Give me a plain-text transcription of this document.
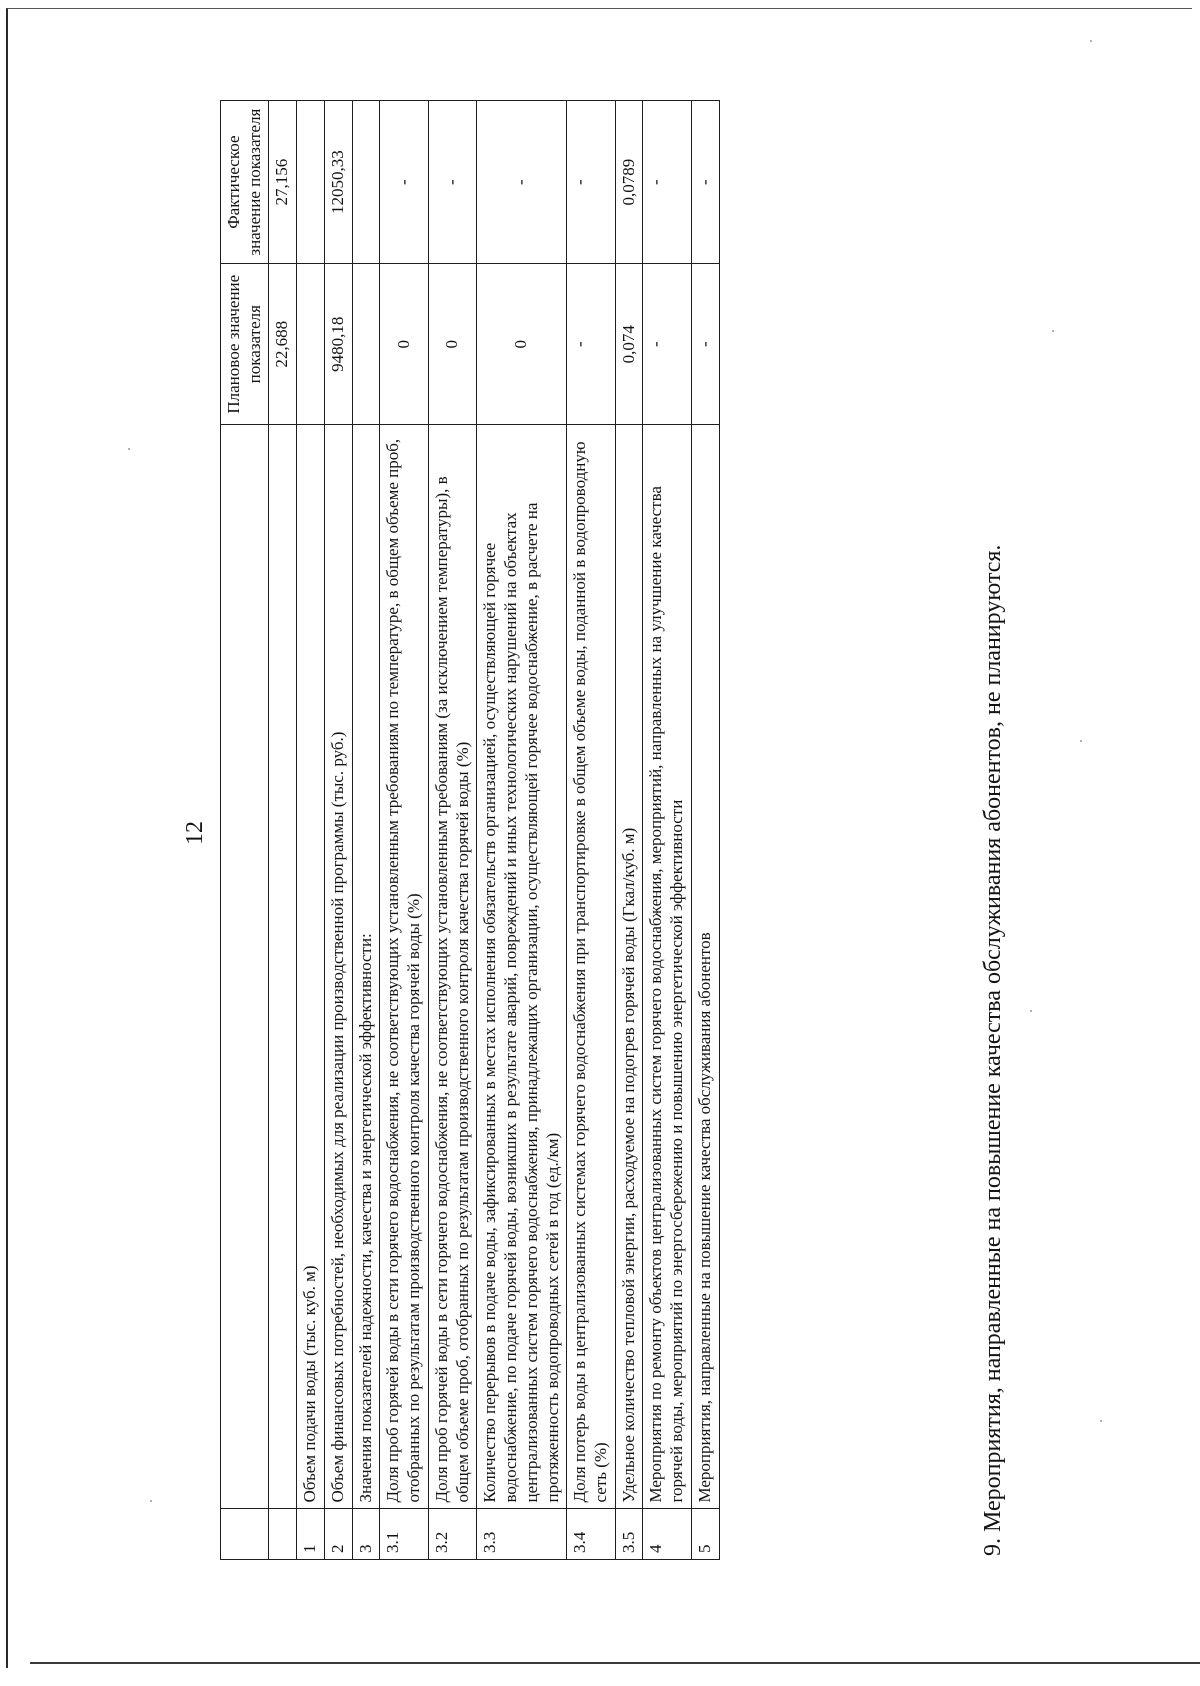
12
		Плановое значение показателя	Фактическое значение показателя
		22,688	27,156
1	Объем подачи воды (тыс. куб. м)		
2	Объем финансовых потребностей, необходимых для реализации производственной программы (тыс. руб.)	9480,18	12050,33
3	Значения показателей надежности, качества и энергетической эффективности:		
3.1	Доля проб горячей воды в сети горячего водоснабжения, не соответствующих установленным требованиям по температуре, в общем объеме проб, отобранных по результатам производственного контроля качества горячей воды (%)	0	-
3.2	Доля проб горячей воды в сети горячего водоснабжения, не соответствующих установленным требованиям (за исключением температуры), в общем объеме проб, отобранных по результатам производственного контроля качества горячей воды (%)	0	-
3.3	Количество перерывов в подаче воды, зафиксированных в местах исполнения обязательств организацией, осуществляющей горячее водоснабжение, по подаче горячей воды, возникших в результате аварий, повреждений и иных технологических нарушений на объектах централизованных систем горячего водоснабжения, принадлежащих организации, осуществляющей горячее водоснабжение, в расчете на протяженность водопроводных сетей в год (ед./км)	0	-
3.4	Доля потерь воды в централизованных системах горячего водоснабжения при транспортировке в общем объеме воды, поданной в водопроводную сеть (%)	-	-
3.5	Удельное количество тепловой энергии, расходуемое на подогрев горячей воды (Гкал/куб. м)	0,074	0,0789
4	Мероприятия по ремонту объектов централизованных систем горячего водоснабжения, мероприятий, направленных на улучшение качества горячей воды, мероприятий по энергосбережению и повышению энергетической эффективности	-	-
5	Мероприятия, направленные на повышение качества обслуживания абонентов	-	-

9. Мероприятия, направленные на повышение качества обслуживания абонентов, не планируются.
